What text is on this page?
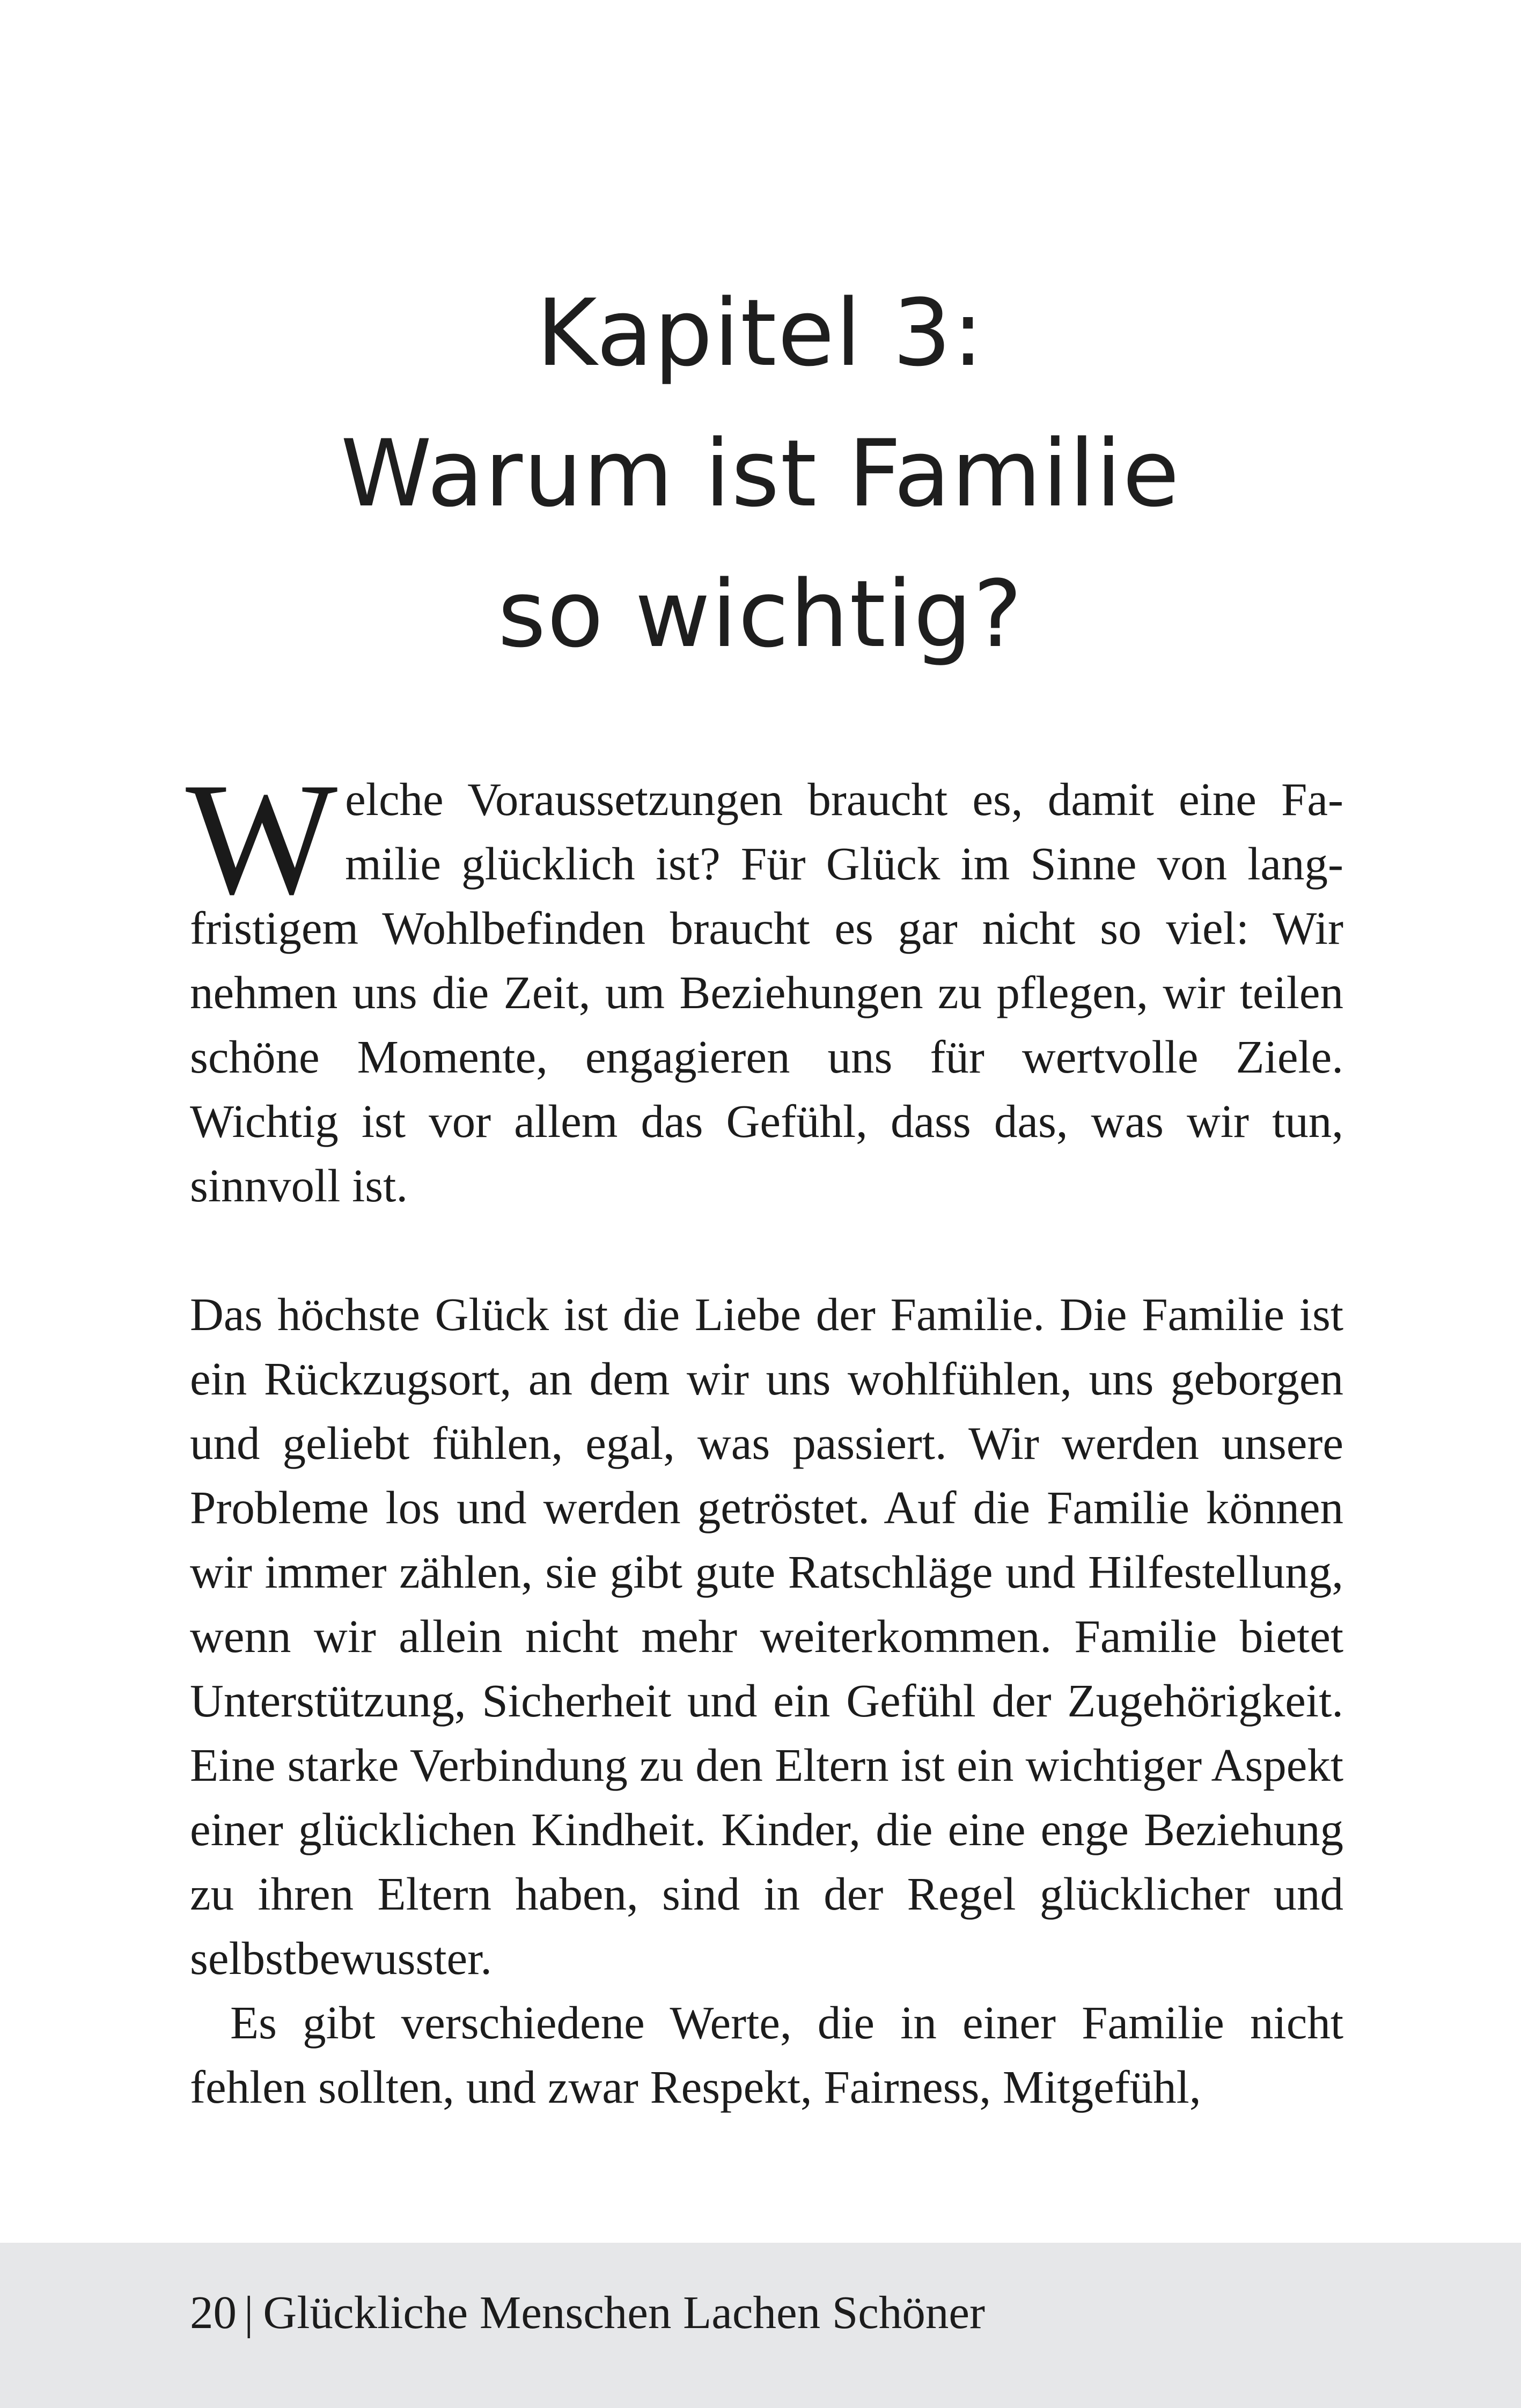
Kapitel 3:
Warum ist Familie
so wichtig?

Welche Voraussetzungen braucht es, damit eine Familie glücklich ist? Für Glück im Sinne von langfristigem Wohlbefinden braucht es gar nicht so viel: Wir nehmen uns die Zeit, um Beziehungen zu pflegen, wir teilen schöne Momente, engagieren uns für wertvolle Ziele. Wichtig ist vor allem das Gefühl, dass das, was wir tun, sinnvoll ist.

Das höchste Glück ist die Liebe der Familie. Die Familie ist ein Rückzugsort, an dem wir uns wohlfühlen, uns geborgen und geliebt fühlen, egal, was passiert. Wir werden unsere Probleme los und werden getröstet. Auf die Familie können wir immer zählen, sie gibt gute Ratschläge und Hilfestellung, wenn wir allein nicht mehr weiterkommen. Familie bietet Unterstützung, Sicherheit und ein Gefühl der Zugehörigkeit. Eine starke Verbindung zu den Eltern ist ein wichtiger Aspekt einer glücklichen Kindheit. Kinder, die eine enge Beziehung zu ihren Eltern haben, sind in der Regel glücklicher und selbstbewusster.

Es gibt verschiedene Werte, die in einer Familie nicht fehlen sollten, und zwar Respekt, Fairness, Mitgefühl,

20 | Glückliche Menschen Lachen Schöner
